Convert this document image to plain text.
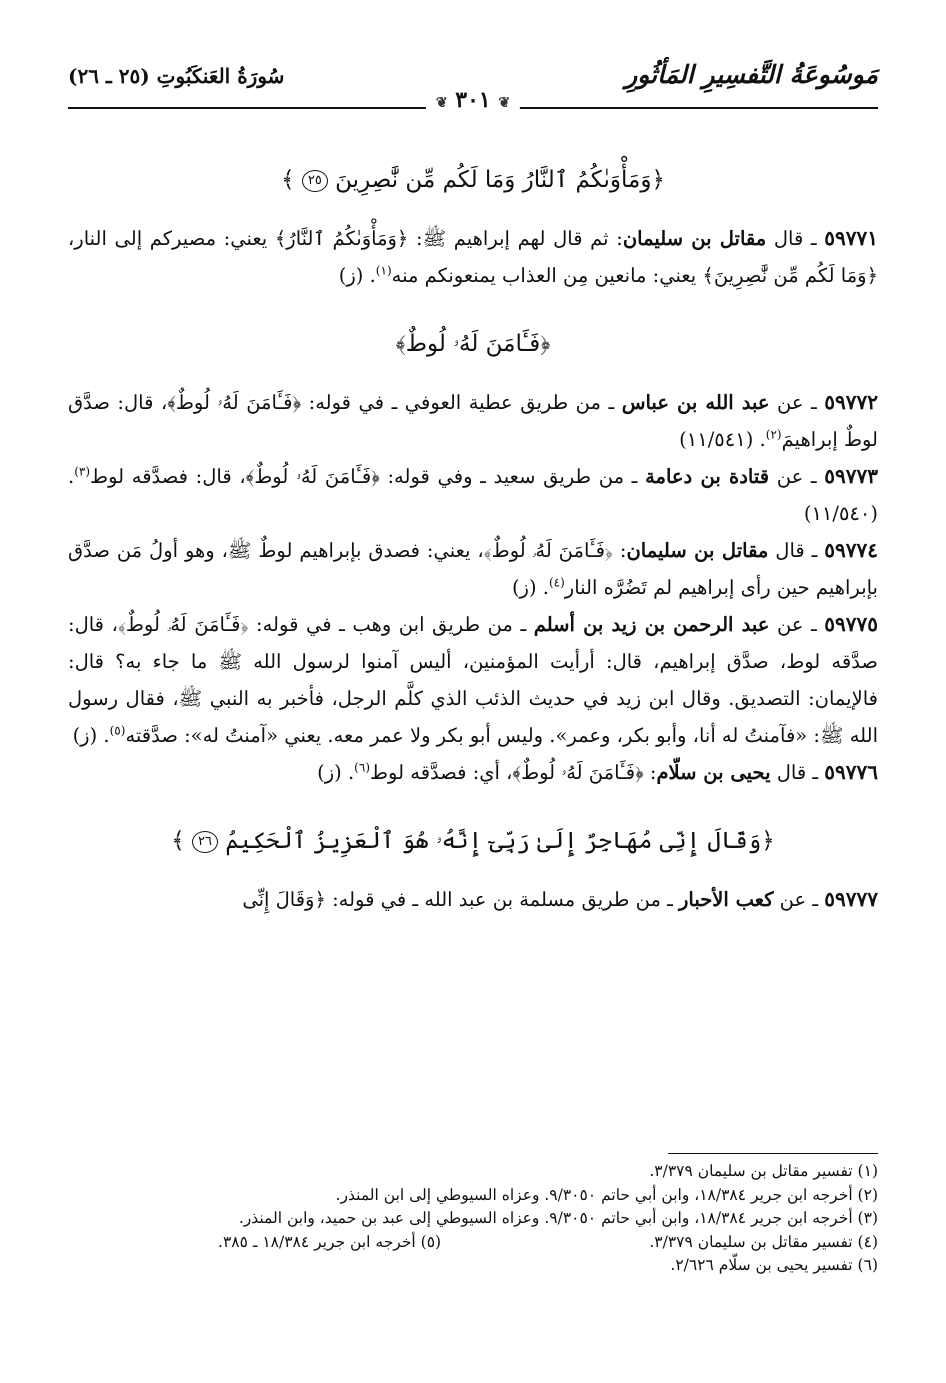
مَوسُوعَةُ التَّفسِيرِ المَأثُورِ
سُورَةُ العَنكَبُوتِ (٢٥ ـ ٢٦)
❦ ٣٠١ ❦
﴿وَمَأْوَىٰكُمُ ٱلنَّارُ وَمَا لَكُم مِّن نَّٰصِرِينَ ٢٥ ﴾

٥٩٧٧١ ـ قال مقاتل بن سليمان: ثم قال لهم إبراهيم ﷺ: ﴿وَمَأْوَىٰكُمُ ٱلنَّارُ﴾ يعني: مصيركم إلى النار، ﴿وَمَا لَكُم مِّن نَّٰصِرِينَ﴾ يعني: مانعين مِن العذاب يمنعونكم منه$^{(١)}$. (ز)

﴿فَـَٔامَنَ لَهُۥ لُوطٌ﴾

٥٩٧٧٢ ـ عن عبد الله بن عباس ـ من طريق عطية العوفي ـ في قوله: ﴿فَـَٔامَنَ لَهُۥ لُوطٌ﴾، قال: صدَّق لوطٌ إبراهيمَ$^{(٢)}$. (١١/٥٤١)

٥٩٧٧٣ ـ عن قتادة بن دعامة ـ من طريق سعيد ـ وفي قوله: ﴿فَـَٔامَنَ لَهُۥ لُوطٌ﴾، قال: فصدَّقه لوط$^{(٣)}$. (١١/٥٤٠)

٥٩٧٧٤ ـ قال مقاتل بن سليمان: ﴿فَـَٔامَنَ لَهُۥ لُوطٌ﴾، يعني: فصدق بإبراهيم لوطٌ ﷺ، وهو أولُ مَن صدَّق بإبراهيم حين رأى إبراهيم لم تَضُرَّه النار$^{(٤)}$. (ز)

٥٩٧٧٥ ـ عن عبد الرحمن بن زيد بن أسلم ـ من طريق ابن وهب ـ في قوله: ﴿فَـَٔامَنَ لَهُۥ لُوطٌ﴾، قال: صدَّقه لوط، صدَّق إبراهيم، قال: أرأيت المؤمنين، أليس آمنوا لرسول الله ﷺ ما جاء به؟ قال: فالإيمان: التصديق. وقال ابن زيد في حديث الذئب الذي كلَّم الرجل، فأخبر به النبي ﷺ، فقال رسول الله ﷺ: «فآمنتُ له أنا، وأبو بكر، وعمر». وليس أبو بكر ولا عمر معه. يعني «آمنتُ له»: صدَّقته$^{(٥)}$. (ز)

٥٩٧٧٦ ـ قال يحيى بن سلّام: ﴿فَـَٔامَنَ لَهُۥ لُوطٌ﴾، أي: فصدَّقه لوط$^{(٦)}$. (ز)

﴿وَقَالَ إِنِّى مُهَاجِرٌ إِلَىٰ رَبِّىٓ إِنَّهُۥ هُوَ ٱلْعَزِيزُ ٱلْحَكِيمُ ٢٦ ﴾

٥٩٧٧٧ ـ عن كعب الأحبار ـ من طريق مسلمة بن عبد الله ـ في قوله: ﴿وَقَالَ إِنِّى

(١) تفسير مقاتل بن سليمان ٣/٣٧٩.
(٢) أخرجه ابن جرير ١٨/٣٨٤، وابن أبي حاتم ٩/٣٠٥٠. وعزاه السيوطي إلى ابن المنذر.
(٣) أخرجه ابن جرير ١٨/٣٨٤، وابن أبي حاتم ٩/٣٠٥٠. وعزاه السيوطي إلى عبد بن حميد، وابن المنذر.
(٤) تفسير مقاتل بن سليمان ٣/٣٧٩.
(٥) أخرجه ابن جرير ١٨/٣٨٤ ـ ٣٨٥.
(٦) تفسير يحيى بن سلّام ٢/٦٢٦.
